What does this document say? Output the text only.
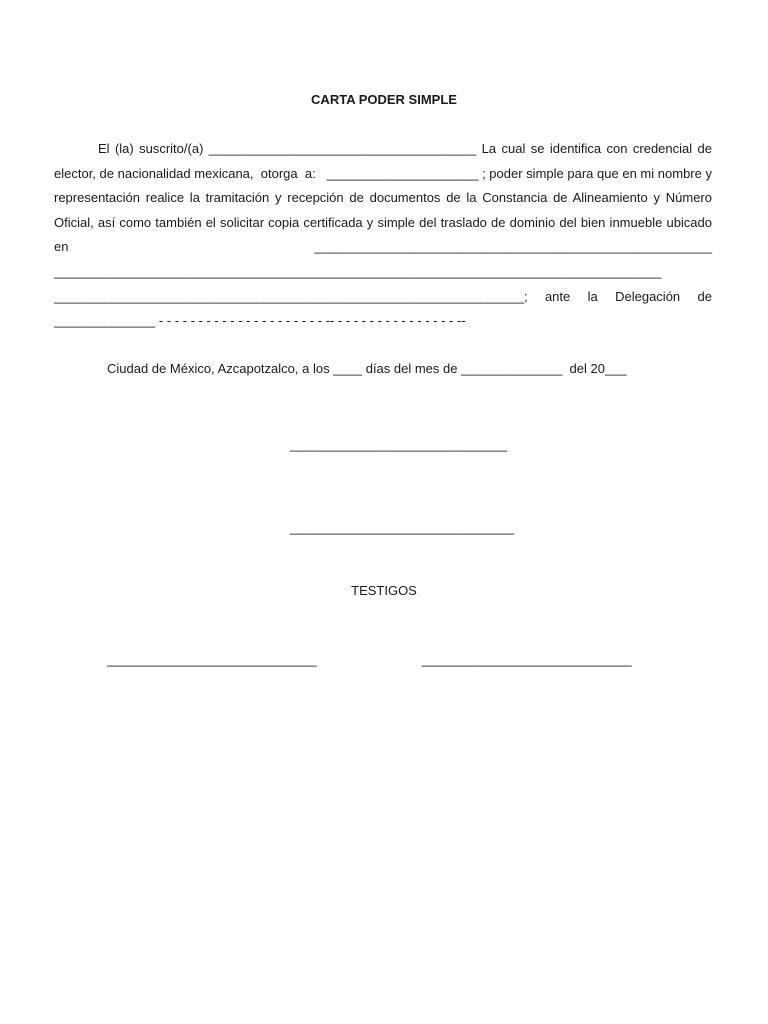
CARTA PODER SIMPLE

El (la) suscrito/(a) _____________________________________ La cual se identifica con credencial de elector, de nacionalidad mexicana,  otorga  a:   _____________________ ; poder simple para que en mi nombre y representación realice la tramitación y recepción de documentos de la Constancia de Alineamiento y Número Oficial, así como también el solicitar copia certificada y simple del traslado de dominio del bien inmueble ubicado en _______________________________________________________ ____________________________________________________________________________________ _________________________________________________________________; ante la Delegación de ______________ - - - - - - - - - - - - - - - - - - - - - -- - - - - - - - - - - - - - - - --

Ciudad de México, Azcapotzalco, a los ____ días del mes de ______________  del 20___
______________________________
_______________________________
TESTIGOS
_____________________________	_____________________________
